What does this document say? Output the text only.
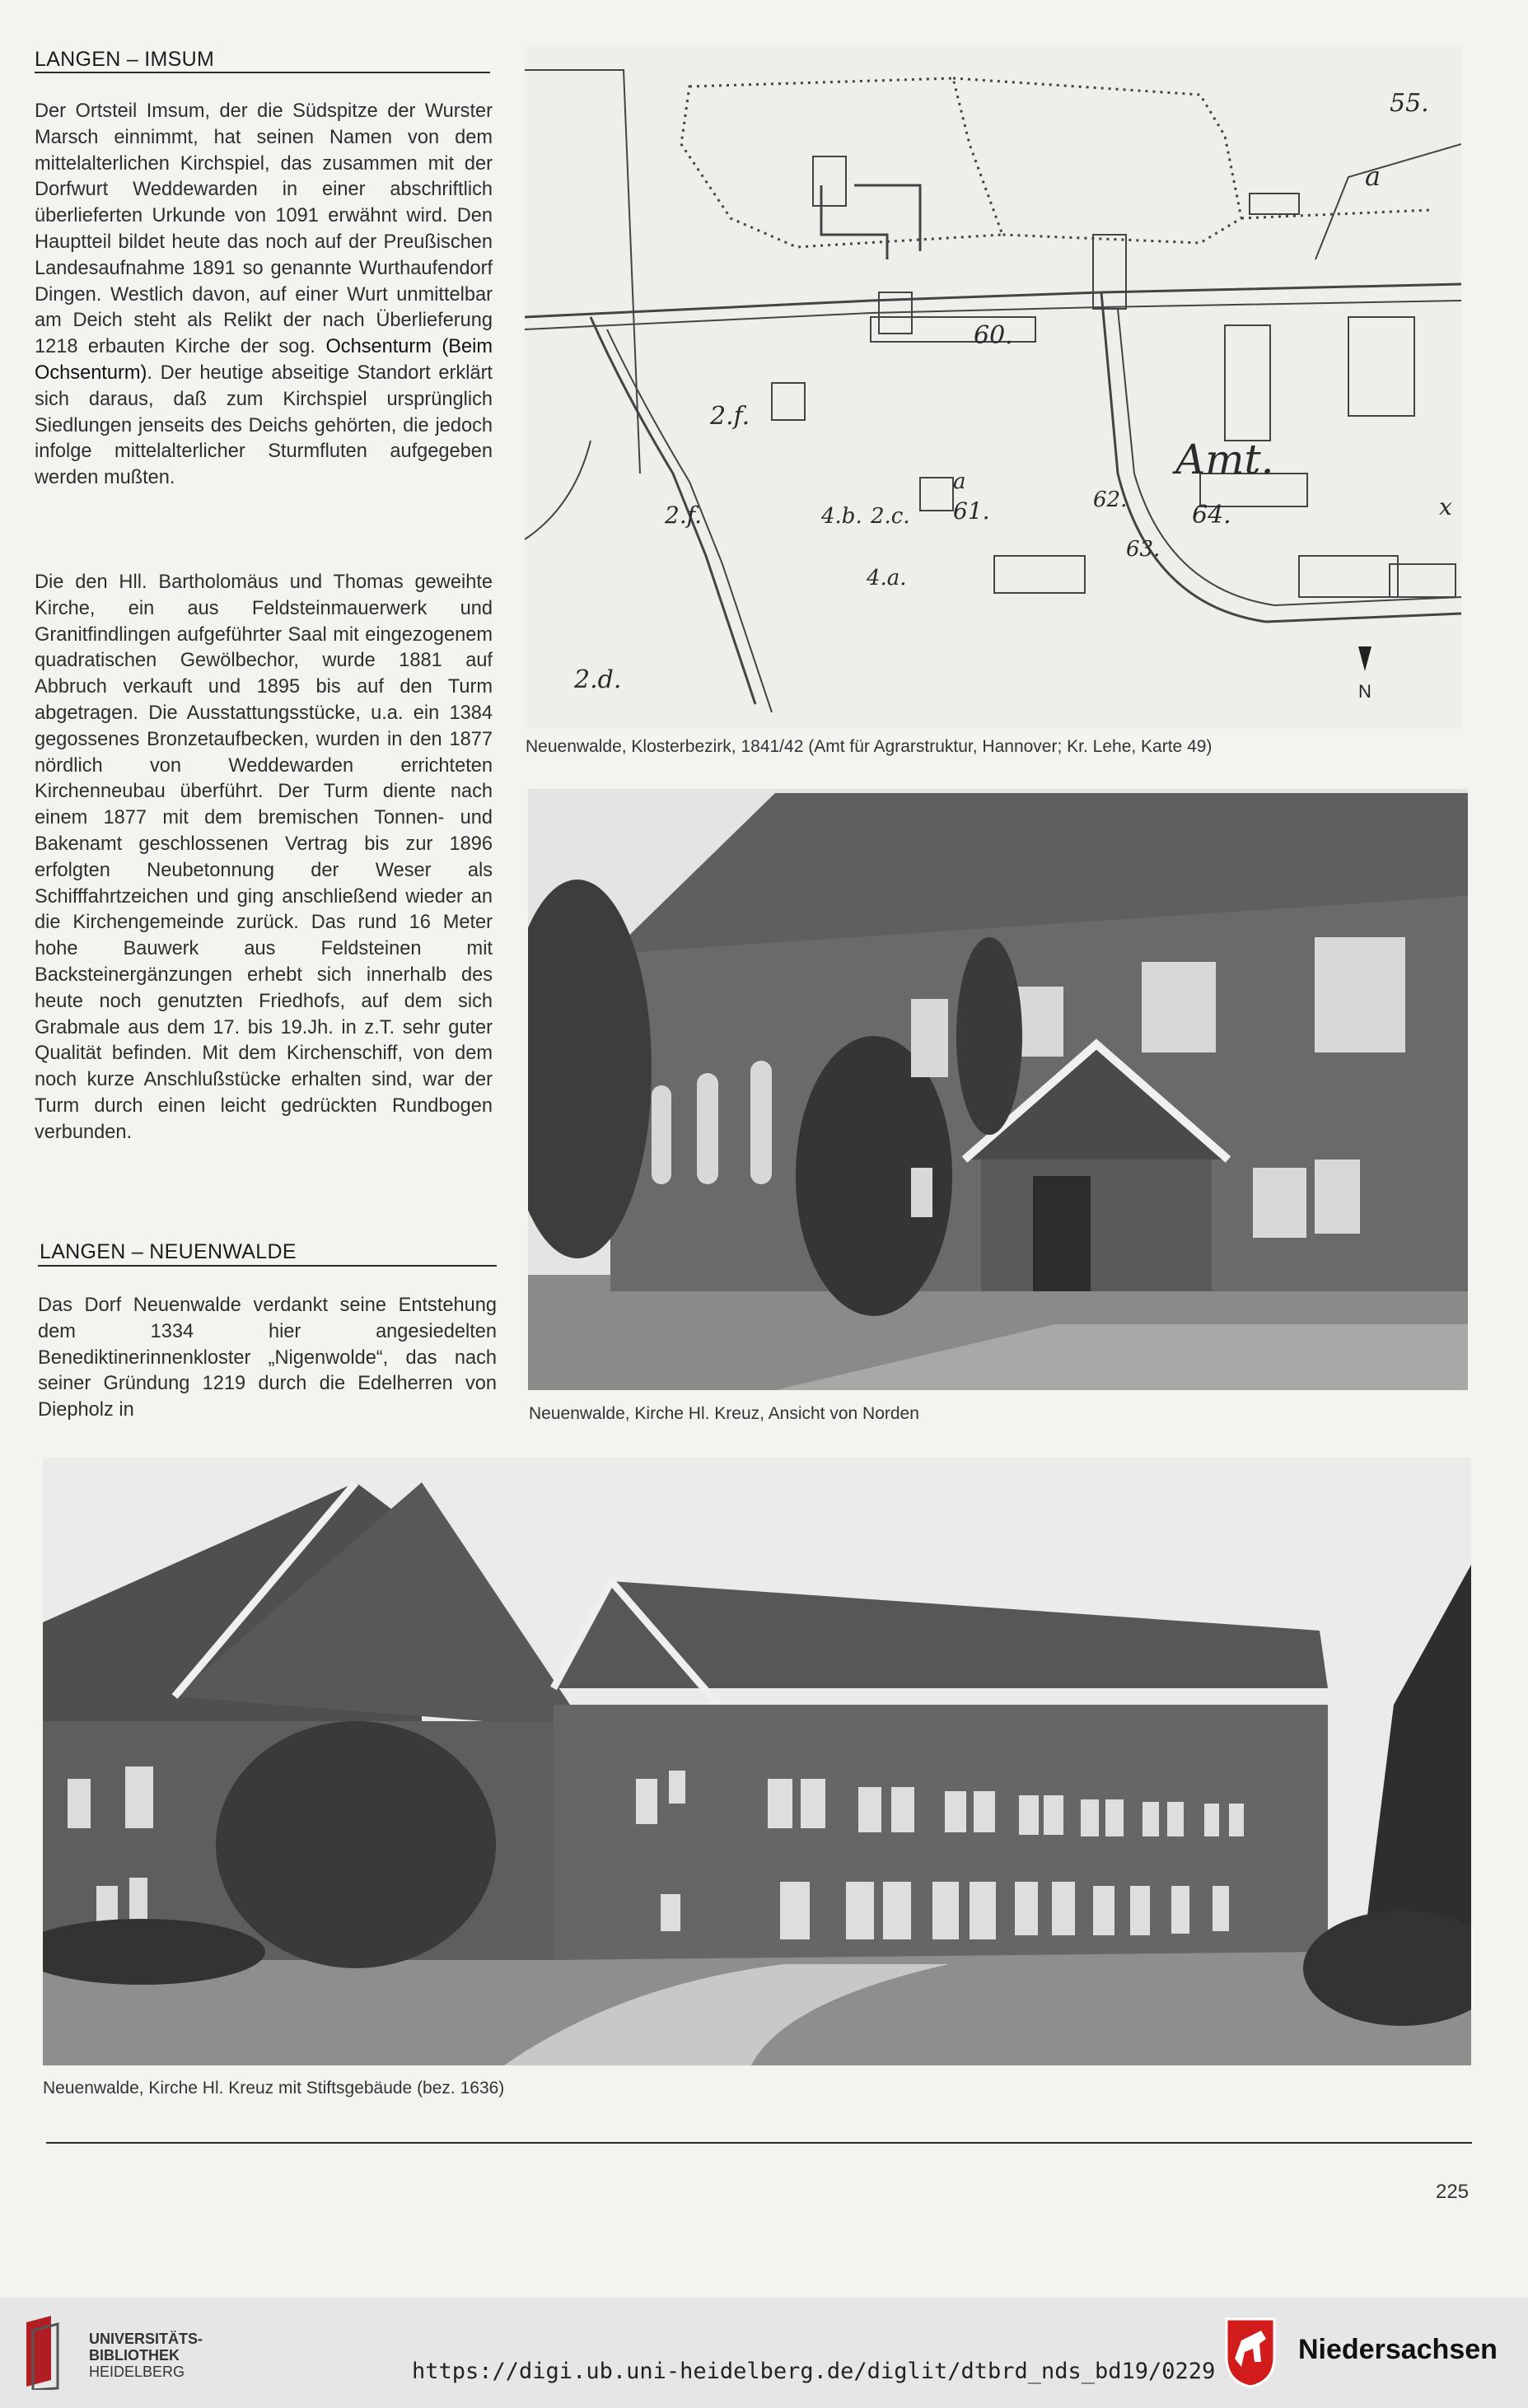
LANGEN – IMSUM
Der Ortsteil Imsum, der die Südspitze der Wurster Marsch einnimmt, hat seinen Namen von dem mittelalterlichen Kirchspiel, das zusammen mit der Dorfwurt Weddewarden in einer abschriftlich überlieferten Urkunde von 1091 erwähnt wird. Den Hauptteil bildet heute das noch auf der Preußischen Landesaufnahme 1891 so genannte Wurthaufendorf Dingen. Westlich davon, auf einer Wurt unmittelbar am Deich steht als Relikt der nach Überlieferung 1218 erbauten Kirche der sog. Ochsenturm (Beim Ochsenturm). Der heutige abseitige Standort erklärt sich daraus, daß zum Kirchspiel ursprünglich Siedlungen jenseits des Deichs gehörten, die jedoch infolge mittelalterlicher Sturmfluten aufgegeben werden mußten.
Die den Hll. Bartholomäus und Thomas geweihte Kirche, ein aus Feldsteinmauerwerk und Granitfindlingen aufgeführter Saal mit eingezogenem quadratischen Gewölbechor, wurde 1881 auf Abbruch verkauft und 1895 bis auf den Turm abgetragen. Die Ausstattungsstücke, u.a. ein 1384 gegossenes Bronzetaufbecken, wurden in den 1877 nördlich von Weddewarden errichteten Kirchenneubau überführt. Der Turm diente nach einem 1877 mit dem bremischen Tonnen- und Bakenamt geschlossenen Vertrag bis zur 1896 erfolgten Neubetonnung der Weser als Schifffahrtzeichen und ging anschließend wieder an die Kirchengemeinde zurück. Das rund 16 Meter hohe Bauwerk aus Feldsteinen mit Backsteinergänzungen erhebt sich innerhalb des heute noch genutzten Friedhofs, auf dem sich Grabmale aus dem 17. bis 19.Jh. in z.T. sehr guter Qualität befinden. Mit dem Kirchenschiff, von dem noch kurze Anschlußstücke erhalten sind, war der Turm durch einen leicht gedrückten Rundbogen verbunden.
LANGEN – NEUENWALDE
Das Dorf Neuenwalde verdankt seine Entstehung dem 1334 hier angesiedelten Benediktinerinnenkloster „Nigenwolde“, das nach seiner Gründung 1219 durch die Edelherren von Diepholz in
55.
a
2.f.
60.
Amt.
64.
62.
63.
2.f.	4.b. 2.c.
a
61.
4.a.
2.d.
x
N
Neuenwalde, Klosterbezirk, 1841/42 (Amt für Agrarstruktur, Hannover; Kr. Lehe, Karte 49)
Neuenwalde, Kirche Hl. Kreuz, Ansicht von Norden
Neuenwalde, Kirche Hl. Kreuz mit Stiftsgebäude (bez. 1636)
225
UNIVERSITÄTS-
BIBLIOTHEK
HEIDELBERG	https://digi.ub.uni-heidelberg.de/diglit/dtbrd_nds_bd19/0229
Niedersachsen
